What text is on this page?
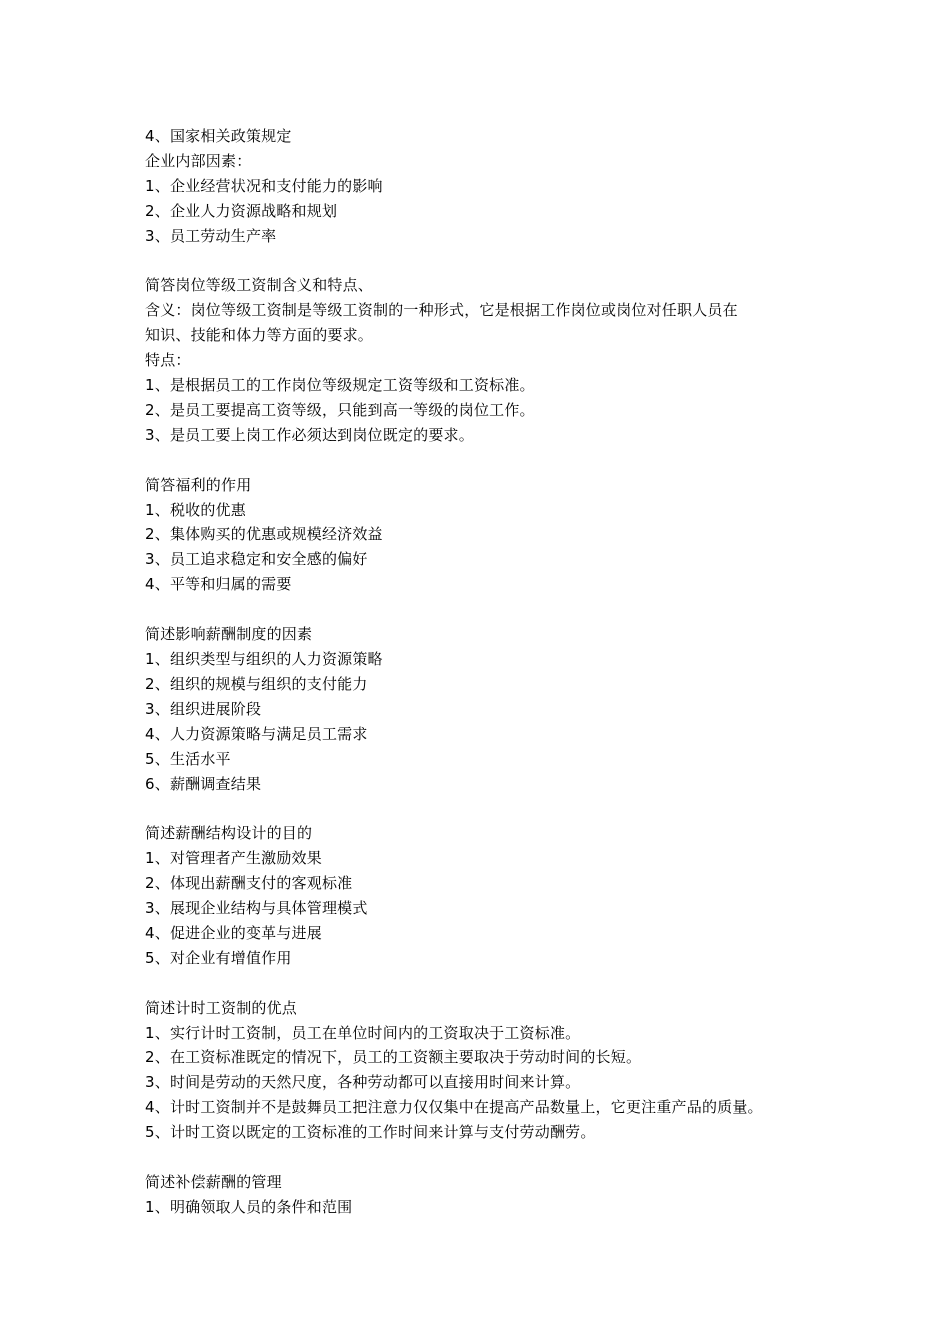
4、国家相关政策规定
企业内部因素：
1、企业经营状况和支付能力的影响
2、企业人力资源战略和规划
3、员工劳动生产率
简答岗位等级工资制含义和特点、
含义：岗位等级工资制是等级工资制的一种形式，它是根据工作岗位或岗位对任职人员在
知识、技能和体力等方面的要求。
特点：
1、是根据员工的工作岗位等级规定工资等级和工资标准。
2、是员工要提高工资等级，只能到高一等级的岗位工作。
3、是员工要上岗工作必须达到岗位既定的要求。
简答福利的作用
1、税收的优惠
2、集体购买的优惠或规模经济效益
3、员工追求稳定和安全感的偏好
4、平等和归属的需要
简述影响薪酬制度的因素
1、组织类型与组织的人力资源策略
2、组织的规模与组织的支付能力
3、组织进展阶段
4、人力资源策略与满足员工需求
5、生活水平
6、薪酬调查结果
简述薪酬结构设计的目的
1、对管理者产生激励效果
2、体现出薪酬支付的客观标准
3、展现企业结构与具体管理模式
4、促进企业的变革与进展
5、对企业有增值作用
简述计时工资制的优点
1、实行计时工资制，员工在单位时间内的工资取决于工资标准。
2、在工资标准既定的情况下，员工的工资额主要取决于劳动时间的长短。
3、时间是劳动的天然尺度，各种劳动都可以直接用时间来计算。
4、计时工资制并不是鼓舞员工把注意力仅仅集中在提高产品数量上，它更注重产品的质量。
5、计时工资以既定的工资标准的工作时间来计算与支付劳动酬劳。
简述补偿薪酬的管理
1、明确领取人员的条件和范围
